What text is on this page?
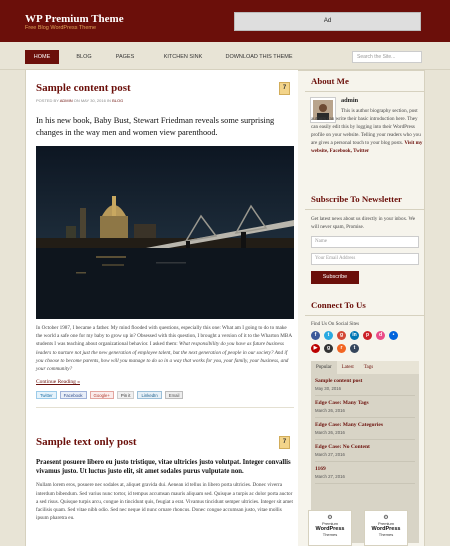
WP Premium Theme
Free Blog WordPress Theme
Ad
HOME	BLOG	PAGES	KITCHEN SINK	DOWNLOAD THIS THEME	Search the Site...
Sample content post
POSTED BY ADMIN ON MAY 30, 2016 IN BLOG
7
In his new book, Baby Bust, Stewart Friedman reveals some surprising changes in the way men and women view parenthood.
In October 1987, I became a father. My mind flooded with questions, especially this one: What am I going to do to make the world a safe one for my baby to grow up in? Obsessed with this question, I brought a version of it to the Wharton MBA students I was teaching about organizational behavior. I asked them: What responsibility do you have as future business leaders to nurture not just the new generation of employee talent, but the next generation of people in our society? And if you choose to become parents, how will you manage to do so in a way that works for you, your family, your business, and your community?
Continue Reading »
Twitter	Facebook	Google+	Pin it	LinkedIn	Email
Sample text only post	7
Praesent posuere libero eu justo tristique, vitae ultricies justo volutpat. Integer convallis vivamus justo. Ut luctus justo elit, sit amet sodales purus vulputate non.
Nullam lorem eros, posuere nec sodales at, aliquet gravida dui. Aenean id tellus in libero porta ultricies. Donec viverra interdum bibendum. Sed varius nunc tortor, id tempus accumsan mauris aliquam sed. Quisque a turpis ac dolor porta auctor a sed risus. Quisque turpis arcu, congue in tincidunt quis, feugiat a erat. Vivamus tincidunt semper ultricies. Integer sit amet facilisis quam. Sed vitae nibh odio. Sed nec neque id nunc ornare rhoncus. Donec congue accumsan justo, vitae mollis ipsum pharetra eu.
About Me
admin
This is author biography section, post authors can write their basic introduction here. They can easily edit this by logging into their WordPress profile on your website. Telling your readers who you are gives a personal touch to your blog posts. Visit my website, Facebook, Twitter
Subscribe To Newsletter
Get latest news about us directly in your inbox. We will never spam, Promise.
Name
Your Email Address
Subscribe
Connect To Us
Find Us On Social Sites
f	t	g	in	p	d	•
▶	g	r	t
Popular	Latest	Tags
Sample content post
May 30, 2016
Edge Case: Many Tags
March 26, 2016
Edge Case: Many Categories
March 26, 2016
Edge Case: No Content
March 27, 2016
1169
March 27, 2016
⚙
Premium
WordPress
Themes
⚙
Premium
WordPress
Themes
